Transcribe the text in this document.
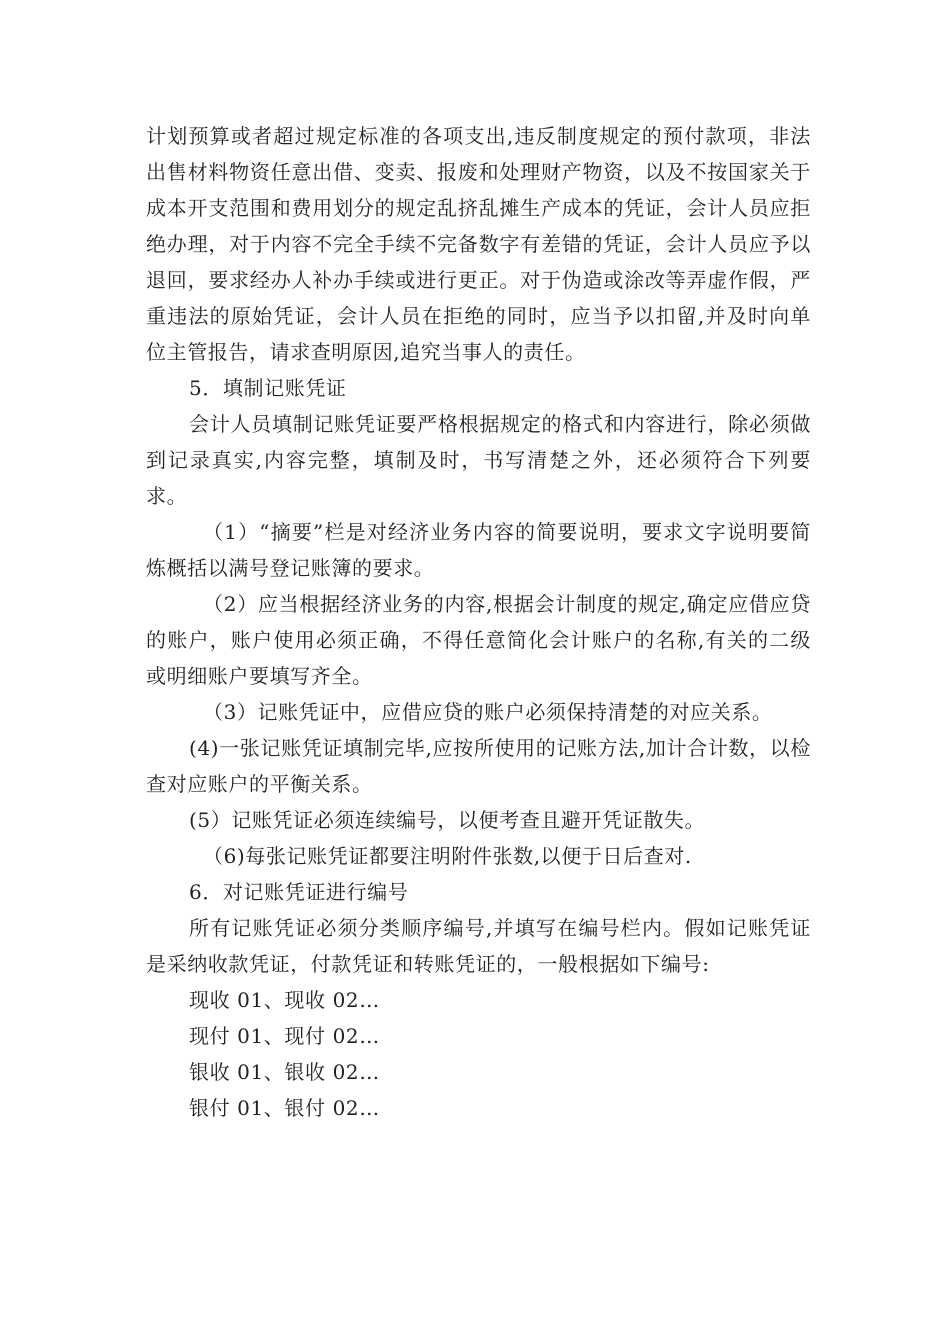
计划预算或者超过规定标准的各项支出,违反制度规定的预付款项，非法出售材料物资任意出借、变卖、报废和处理财产物资，以及不按国家关于成本开支范围和费用划分的规定乱挤乱摊生产成本的凭证，会计人员应拒绝办理，对于内容不完全手续不完备数字有差错的凭证，会计人员应予以退回，要求经办人补办手续或进行更正。对于伪造或涂改等弄虚作假，严重违法的原始凭证，会计人员在拒绝的同时，应当予以扣留,并及时向单位主管报告，请求查明原因,追究当事人的责任。

5．填制记账凭证

会计人员填制记账凭证要严格根据规定的格式和内容进行，除必须做到记录真实,内容完整，填制及时，书写清楚之外，还必须符合下列要求。

（1）“摘要”栏是对经济业务内容的简要说明，要求文字说明要简炼概括以满号登记账簿的要求。

（2）应当根据经济业务的内容,根据会计制度的规定,确定应借应贷的账户，账户使用必须正确，不得任意简化会计账户的名称,有关的二级或明细账户要填写齐全。

（3）记账凭证中，应借应贷的账户必须保持清楚的对应关系。

(4)一张记账凭证填制完毕,应按所使用的记账方法,加计合计数，以检查对应账户的平衡关系。

(5）记账凭证必须连续编号，以便考查且避开凭证散失。

（6)每张记账凭证都要注明附件张数,以便于日后查对.

6．对记账凭证进行编号

所有记账凭证必须分类顺序编号,并填写在编号栏内。假如记账凭证是采纳收款凭证，付款凭证和转账凭证的，一般根据如下编号:

现收 01、现收 02…

现付 01、现付 02…

银收 01、银收 02…

银付 01、银付 02…
